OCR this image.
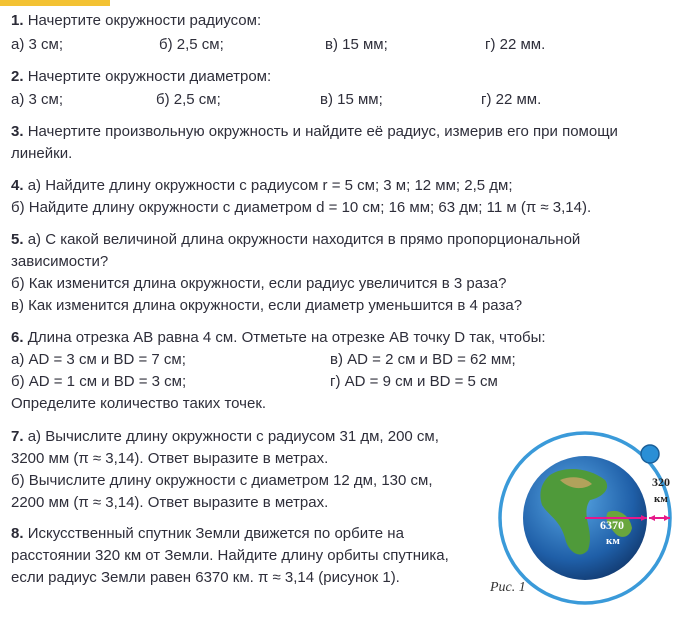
1. Начертите окружности радиусом:
а) 3 см;	б) 2,5 см;	в) 15 мм;	г) 22 мм.
2. Начертите окружности диаметром:
а) 3 см;	б) 2,5 см;	в) 15 мм;	г) 22 мм.
3. Начертите произвольную окружность и найдите её радиус, измерив его при помощи
линейки.
4. а) Найдите длину окружности с радиусом r = 5 см; 3 м; 12 мм; 2,5 дм;
б) Найдите длину окружности с диаметром d = 10 см; 16 мм; 63 дм; 11 м (π ≈ 3,14).
5. а) С какой величиной длина окружности находится в прямо пропорциональной
зависимости?
б) Как изменится длина окружности, если радиус увеличится в 3 раза?
в) Как изменится длина окружности, если диаметр уменьшится в 4 раза?
6. Длина отрезка АВ равна 4 см. Отметьте на отрезке АВ точку D так, чтобы:
а) AD = 3 см и BD = 7 см;	в) AD = 2 см и BD = 62 мм;
б) AD = 1 см и BD = 3 см;	г) AD = 9 см и BD = 5 см
Определите количество таких точек.
7. а) Вычислите длину окружности с радиусом 31 дм, 200 см,
3200 мм (π ≈ 3,14). Ответ выразите в метрах.
б) Вычислите длину окружности с диаметром 12 дм, 130 см,
2200 мм (π ≈ 3,14). Ответ выразите в метрах.
8. Искусственный спутник Земли движется по орбите на
расстоянии 320 км от Земли. Найдите длину орбиты спутника,
если радиус Земли равен 6370 км. π ≈ 3,14 (рисунок 1).
320
км
6370
км
Рис. 1
